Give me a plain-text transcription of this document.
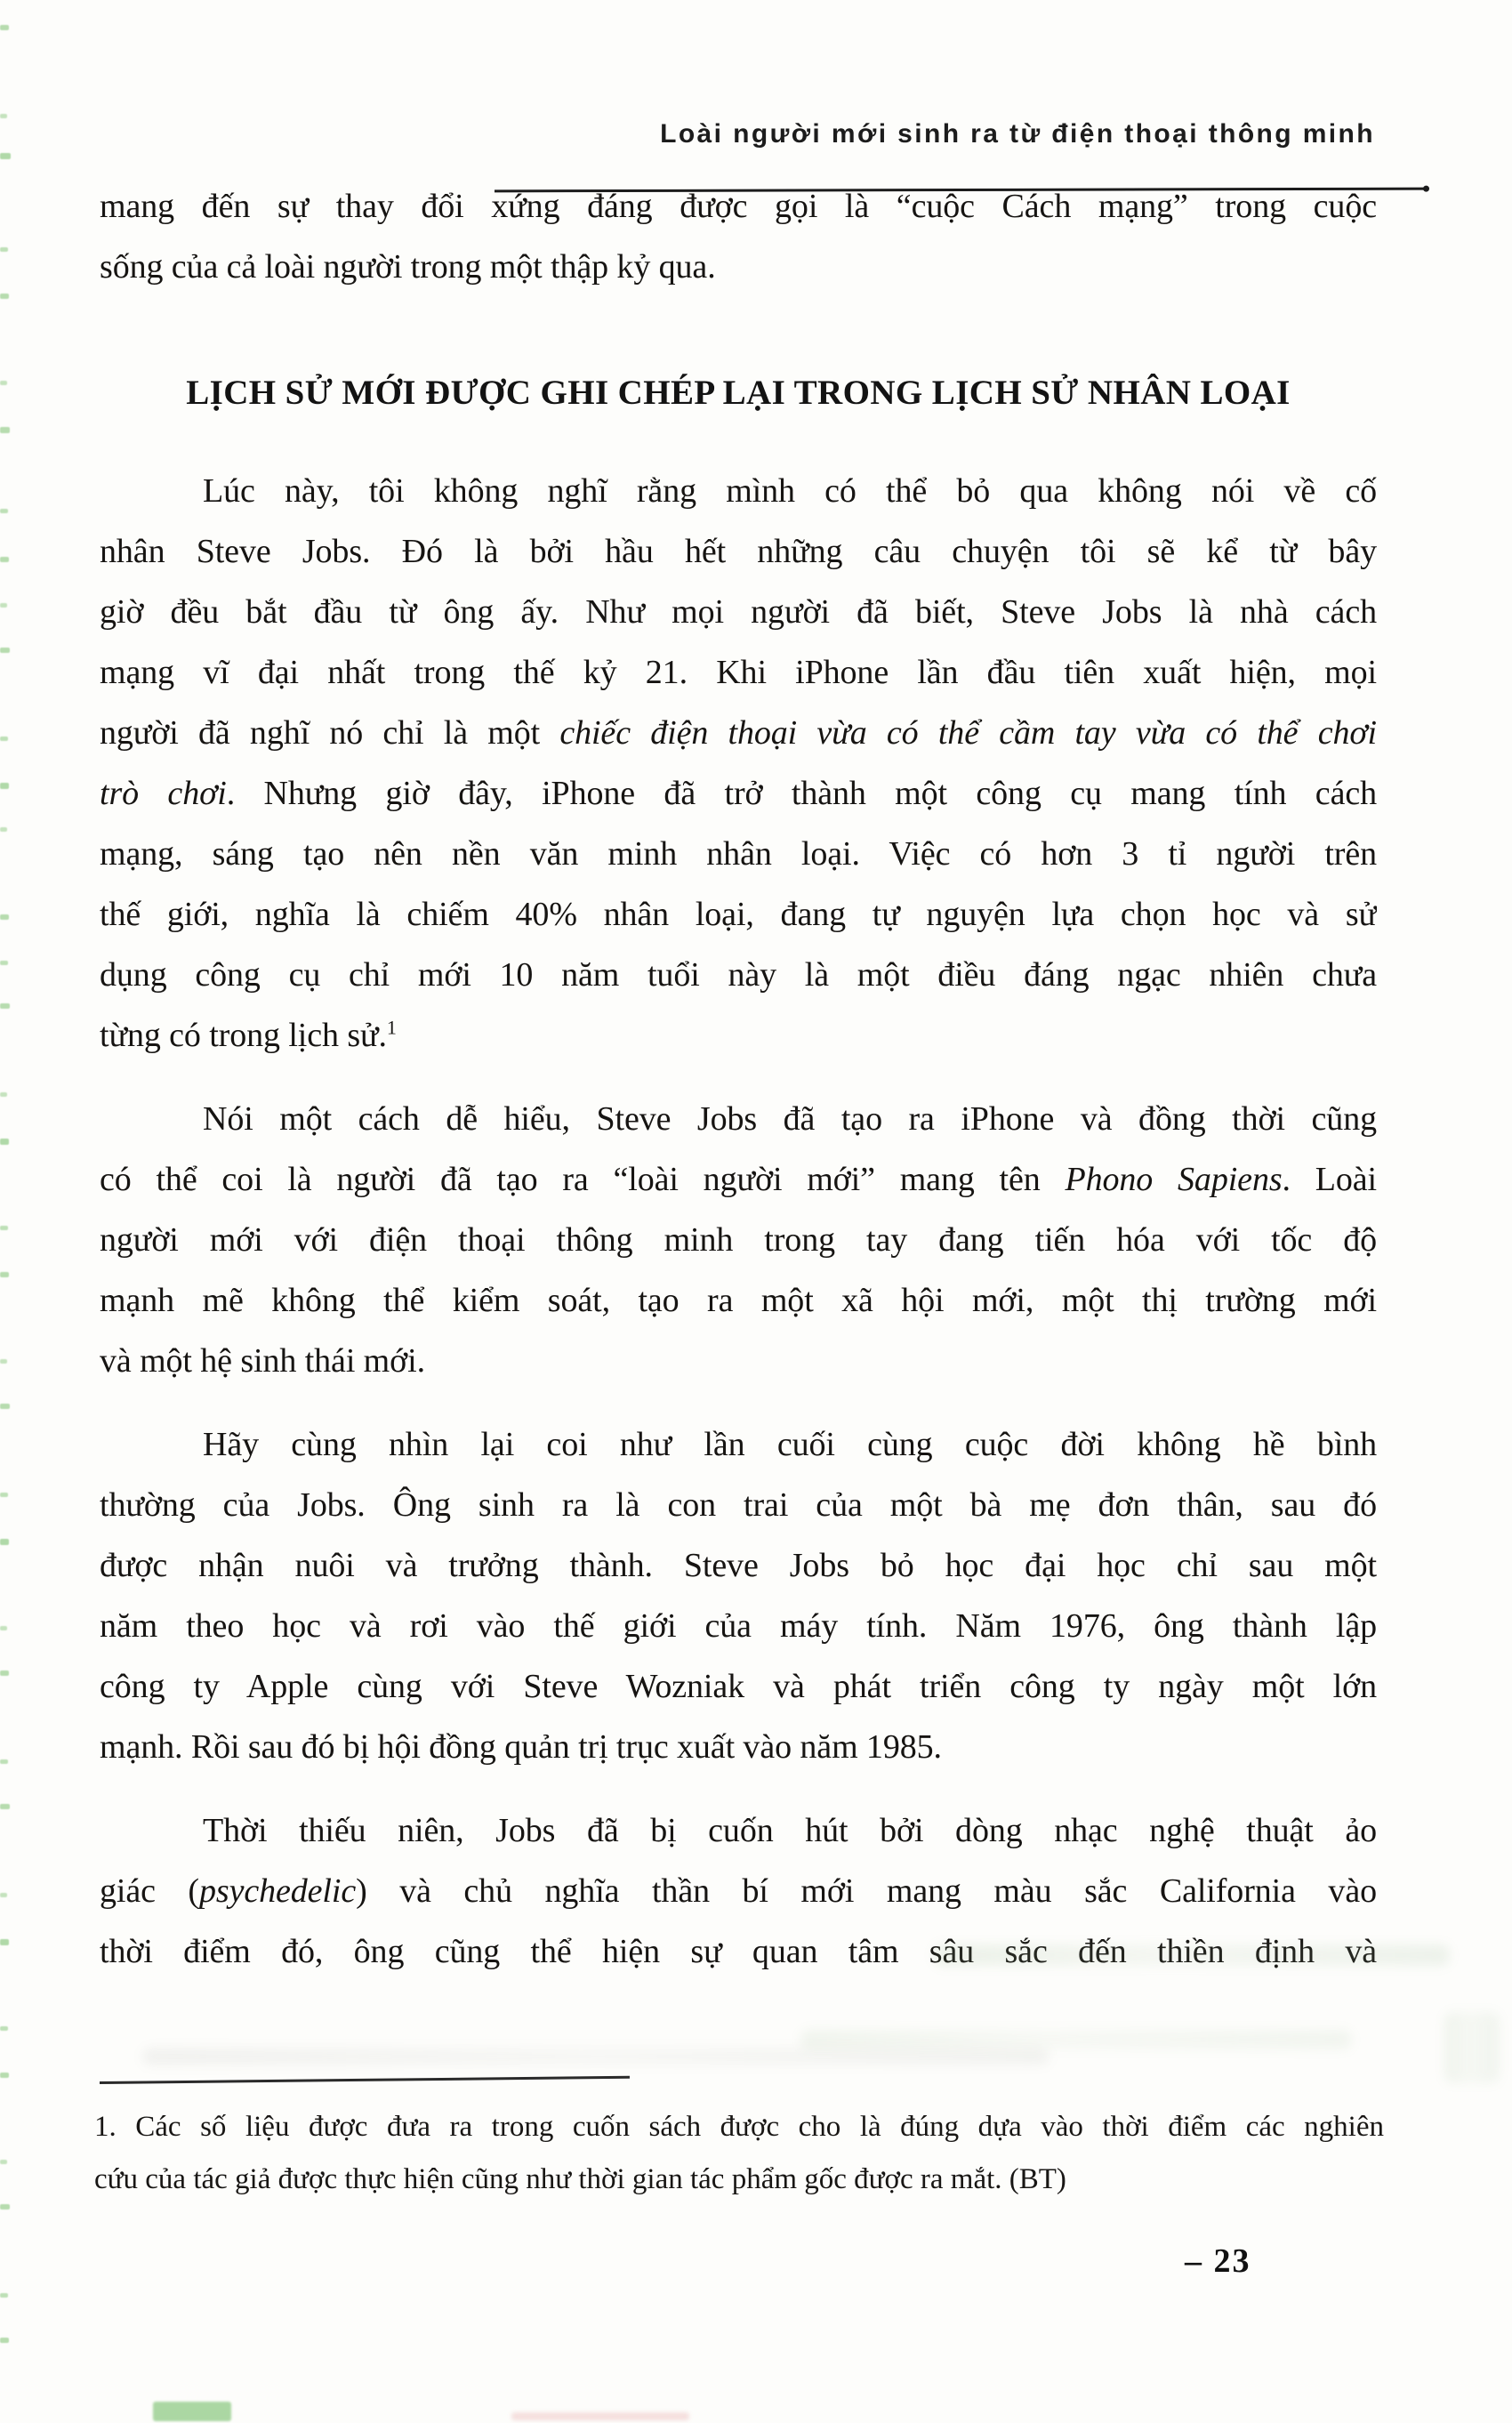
Loài người mới sinh ra từ điện thoại thông minh
mang đến sự thay đổi xứng đáng được gọi là “cuộc Cách mạng” trong cuộc
sống của cả loài người trong một thập kỷ qua.
LỊCH SỬ MỚI ĐƯỢC GHI CHÉP LẠI TRONG LỊCH SỬ NHÂN LOẠI
Lúc này, tôi không nghĩ rằng mình có thể bỏ qua không nói về cố
nhân Steve Jobs. Đó là bởi hầu hết những câu chuyện tôi sẽ kể từ bây
giờ đều bắt đầu từ ông ấy. Như mọi người đã biết, Steve Jobs là nhà cách
mạng vĩ đại nhất trong thế kỷ 21. Khi iPhone lần đầu tiên xuất hiện, mọi
người đã nghĩ nó chỉ là một chiếc điện thoại vừa có thể cầm tay vừa có thể chơi
trò chơi. Nhưng giờ đây, iPhone đã trở thành một công cụ mang tính cách
mạng, sáng tạo nên nền văn minh nhân loại. Việc có hơn 3 tỉ người trên
thế giới, nghĩa là chiếm 40% nhân loại, đang tự nguyện lựa chọn học và sử
dụng công cụ chỉ mới 10 năm tuổi này là một điều đáng ngạc nhiên chưa
từng có trong lịch sử.$^1$
Nói một cách dễ hiểu, Steve Jobs đã tạo ra iPhone và đồng thời cũng
có thể coi là người đã tạo ra “loài người mới” mang tên Phono Sapiens. Loài
người mới với điện thoại thông minh trong tay đang tiến hóa với tốc độ
mạnh mẽ không thể kiểm soát, tạo ra một xã hội mới, một thị trường mới
và một hệ sinh thái mới.
Hãy cùng nhìn lại coi như lần cuối cùng cuộc đời không hề bình
thường của Jobs. Ông sinh ra là con trai của một bà mẹ đơn thân, sau đó
được nhận nuôi và trưởng thành. Steve Jobs bỏ học đại học chỉ sau một
năm theo học và rơi vào thế giới của máy tính. Năm 1976, ông thành lập
công ty Apple cùng với Steve Wozniak và phát triển công ty ngày một lớn
mạnh. Rồi sau đó bị hội đồng quản trị trục xuất vào năm 1985.
Thời thiếu niên, Jobs đã bị cuốn hút bởi dòng nhạc nghệ thuật ảo
giác (psychedelic) và chủ nghĩa thần bí mới mang màu sắc California vào
thời điểm đó, ông cũng thể hiện sự quan tâm sâu sắc đến thiền định và
1. Các số liệu được đưa ra trong cuốn sách được cho là đúng dựa vào thời điểm các nghiên
cứu của tác giả được thực hiện cũng như thời gian tác phẩm gốc được ra mắt. (BT)
– 23
